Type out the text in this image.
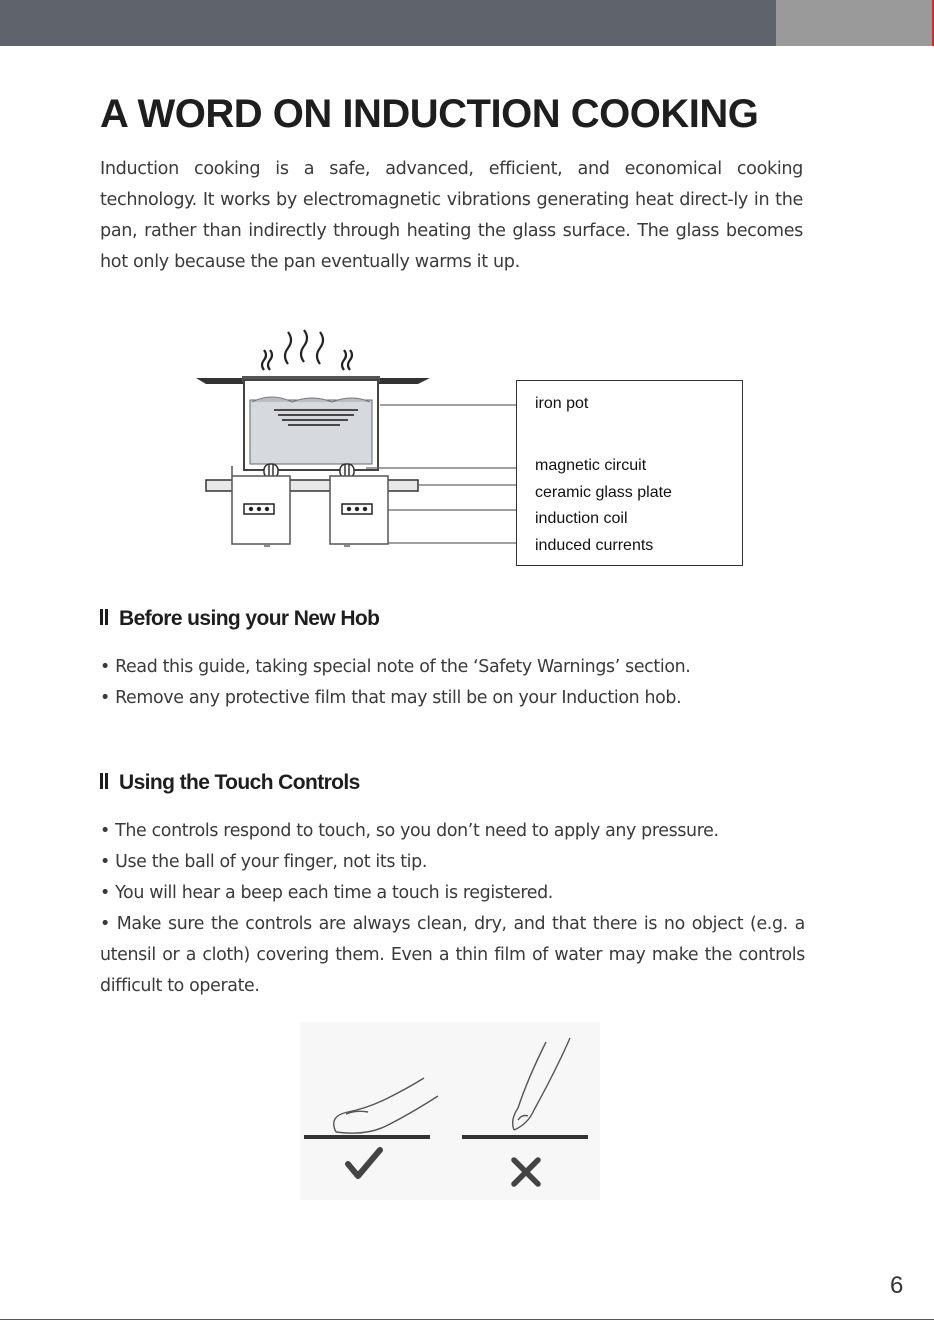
A WORD ON INDUCTION COOKING

Induction cooking is a safe, advanced, efficient, and economical cooking technology. It works by electromagnetic vibrations generating heat direct-ly in the pan, rather than indirectly through heating the glass surface. The glass becomes hot only because the pan eventually warms it up.

iron pot
magnetic circuit
ceramic glass plate
induction coil
induced currents
Before using your New Hob
• Read this guide, taking special note of the ‘Safety Warnings’ section.
• Remove any protective film that may still be on your Induction hob.
Using the Touch Controls
• The controls respond to touch, so you don’t need to apply any pressure.
• Use the ball of your finger, not its tip.
• You will hear a beep each time a touch is registered.
• Make sure the controls are always clean, dry, and that there is no object (e.g. a utensil or a cloth) covering them. Even a thin film of water may make the controls difficult to operate.
6
